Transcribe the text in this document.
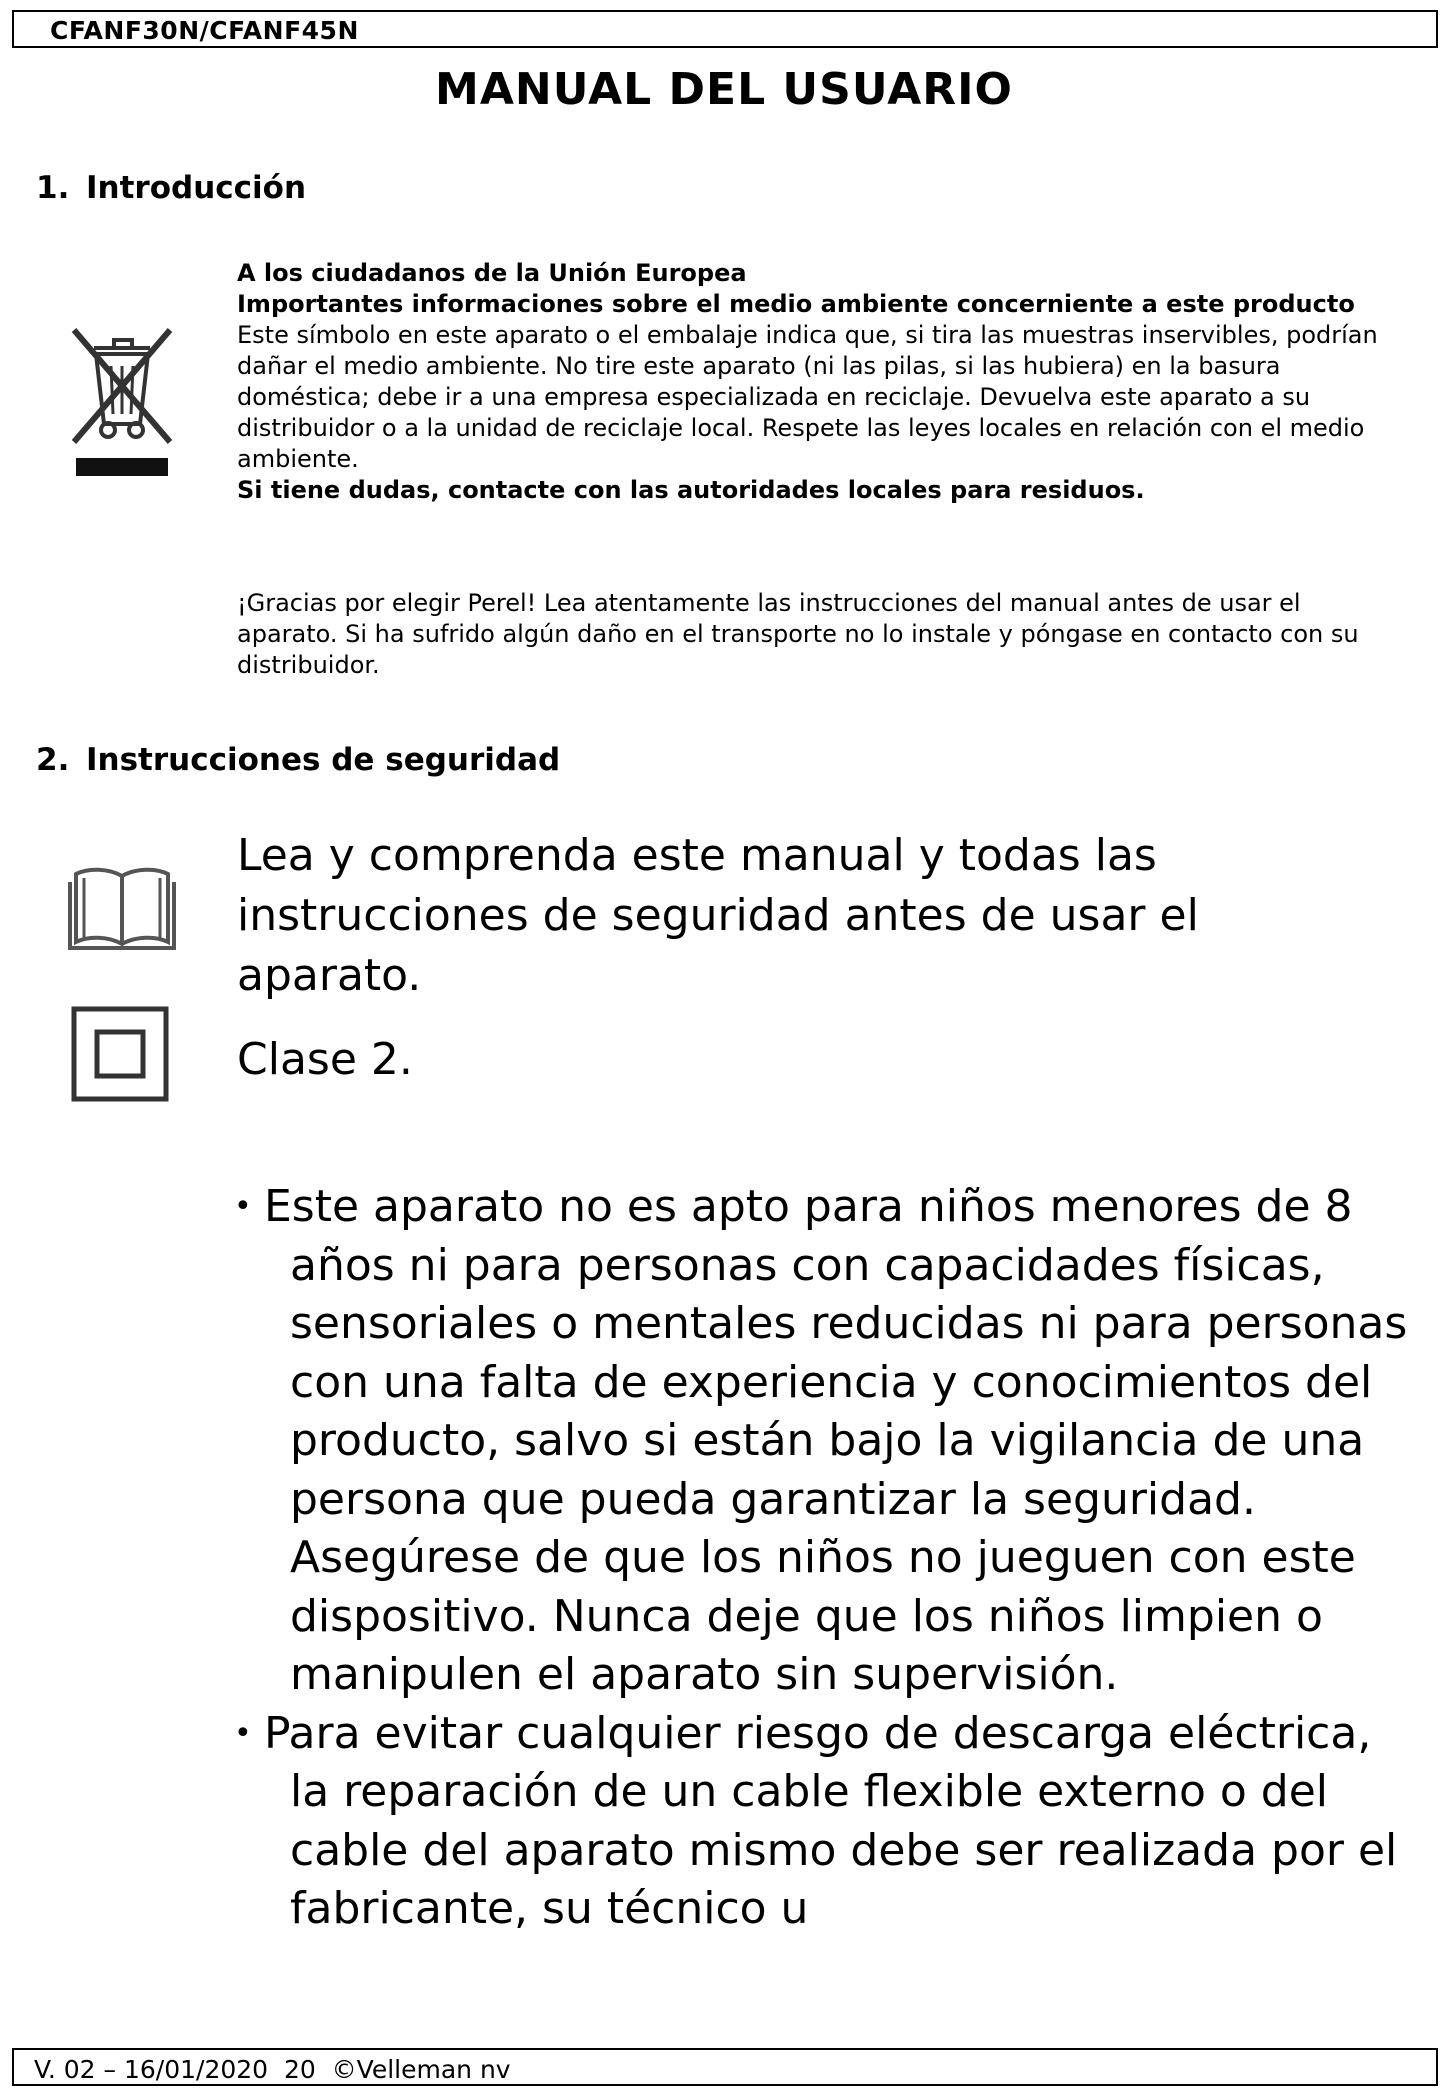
CFANF30N/CFANF45N
MANUAL DEL USUARIO
1. Introducción

A los ciudadanos de la Unión Europea

Importantes informaciones sobre el medio ambiente concerniente a este producto

Este símbolo en este aparato o el embalaje indica que, si tira las muestras inservibles, podrían dañar el medio ambiente. No tire este aparato (ni las pilas, si las hubiera) en la basura doméstica; debe ir a una empresa especializada en reciclaje. Devuelva este aparato a su distribuidor o a la unidad de reciclaje local. Respete las leyes locales en relación con el medio ambiente.

Si tiene dudas, contacte con las autoridades locales para residuos.

¡Gracias por elegir Perel! Lea atentamente las instrucciones del manual antes de usar el aparato. Si ha sufrido algún daño en el transporte no lo instale y póngase en contacto con su distribuidor.

2. Instrucciones de seguridad

Lea y comprenda este manual y todas las instrucciones de seguridad antes de usar el aparato.

Clase 2.

• Este aparato no es apto para niños menores de 8 años ni para personas con capacidades físicas, sensoriales o mentales reducidas ni para personas con una falta de experiencia y conocimientos del producto, salvo si están bajo la vigilancia de una persona que pueda garantizar la seguridad. Asegúrese de que los niños no jueguen con este dispositivo. Nunca deje que los niños limpien o manipulen el aparato sin supervisión.
• Para evitar cualquier riesgo de descarga eléctrica, la reparación de un cable flexible externo o del cable del aparato mismo debe ser realizada por el fabricante, su técnico u
V. 02 – 16/01/2020  20  ©Velleman nv
